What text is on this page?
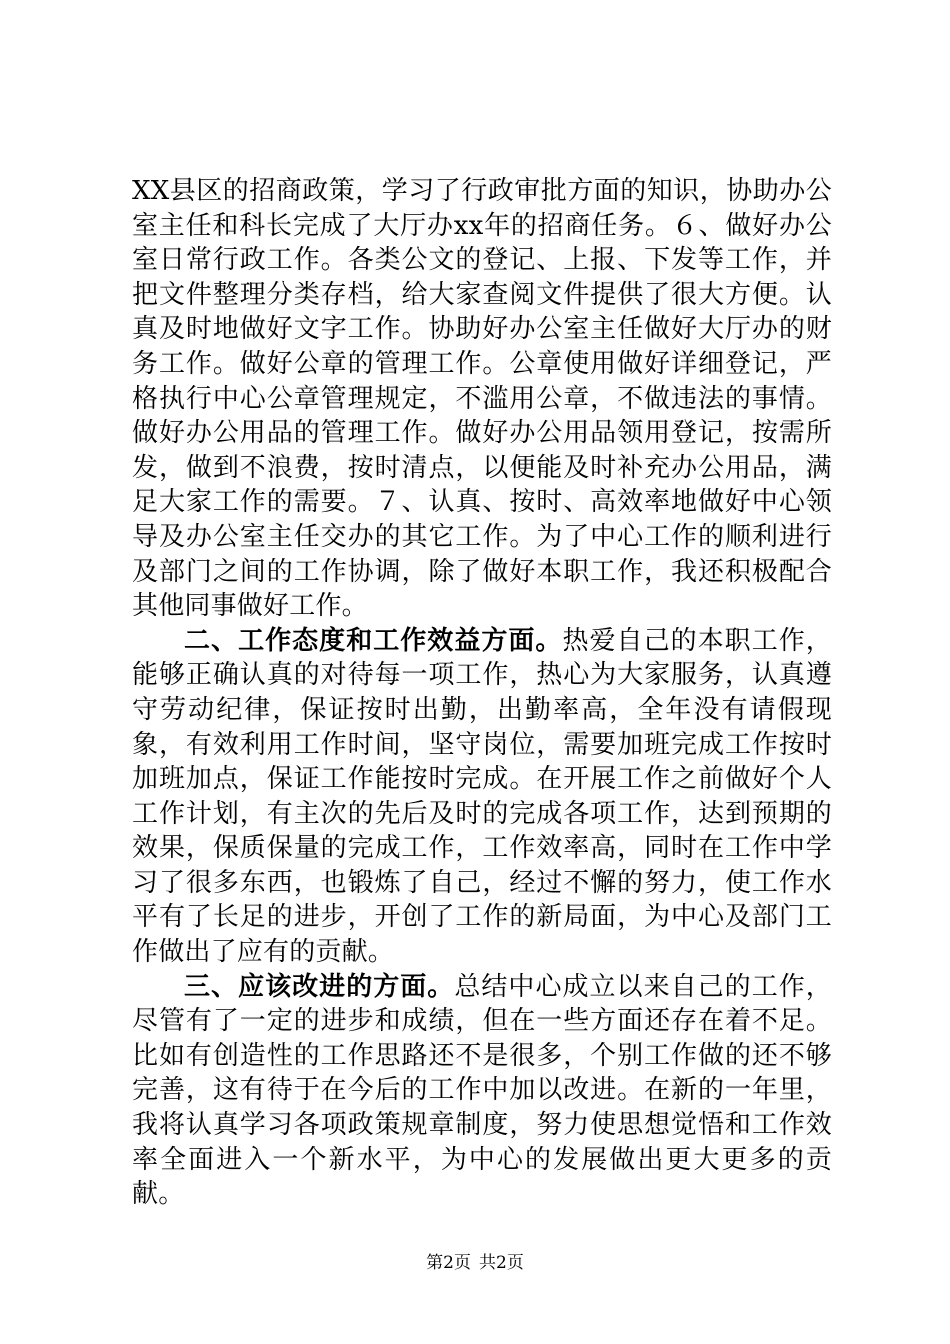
XX县区的招商政策，学习了行政审批方面的知识，协助办公室主任和科长完成了大厅办xx年的招商任务。６、做好办公室日常行政工作。各类公文的登记、上报、下发等工作，并把文件整理分类存档，给大家查阅文件提供了很大方便。认真及时地做好文字工作。协助好办公室主任做好大厅办的财务工作。做好公章的管理工作。公章使用做好详细登记，严格执行中心公章管理规定，不滥用公章，不做违法的事情。做好办公用品的管理工作。做好办公用品领用登记，按需所发，做到不浪费，按时清点，以便能及时补充办公用品，满足大家工作的需要。７、认真、按时、高效率地做好中心领导及办公室主任交办的其它工作。为了中心工作的顺利进行及部门之间的工作协调，除了做好本职工作，我还积极配合其他同事做好工作。

二、工作态度和工作效益方面。热爱自己的本职工作，能够正确认真的对待每一项工作，热心为大家服务，认真遵守劳动纪律，保证按时出勤，出勤率高，全年没有请假现象，有效利用工作时间，坚守岗位，需要加班完成工作按时加班加点，保证工作能按时完成。在开展工作之前做好个人工作计划，有主次的先后及时的完成各项工作，达到预期的效果，保质保量的完成工作，工作效率高，同时在工作中学习了很多东西，也锻炼了自己，经过不懈的努力，使工作水平有了长足的进步，开创了工作的新局面，为中心及部门工作做出了应有的贡献。

三、应该改进的方面。总结中心成立以来自己的工作，尽管有了一定的进步和成绩，但在一些方面还存在着不足。比如有创造性的工作思路还不是很多，个别工作做的还不够完善，这有待于在今后的工作中加以改进。在新的一年里，我将认真学习各项政策规章制度，努力使思想觉悟和工作效率全面进入一个新水平，为中心的发展做出更大更多的贡献。

第2页 共2页
